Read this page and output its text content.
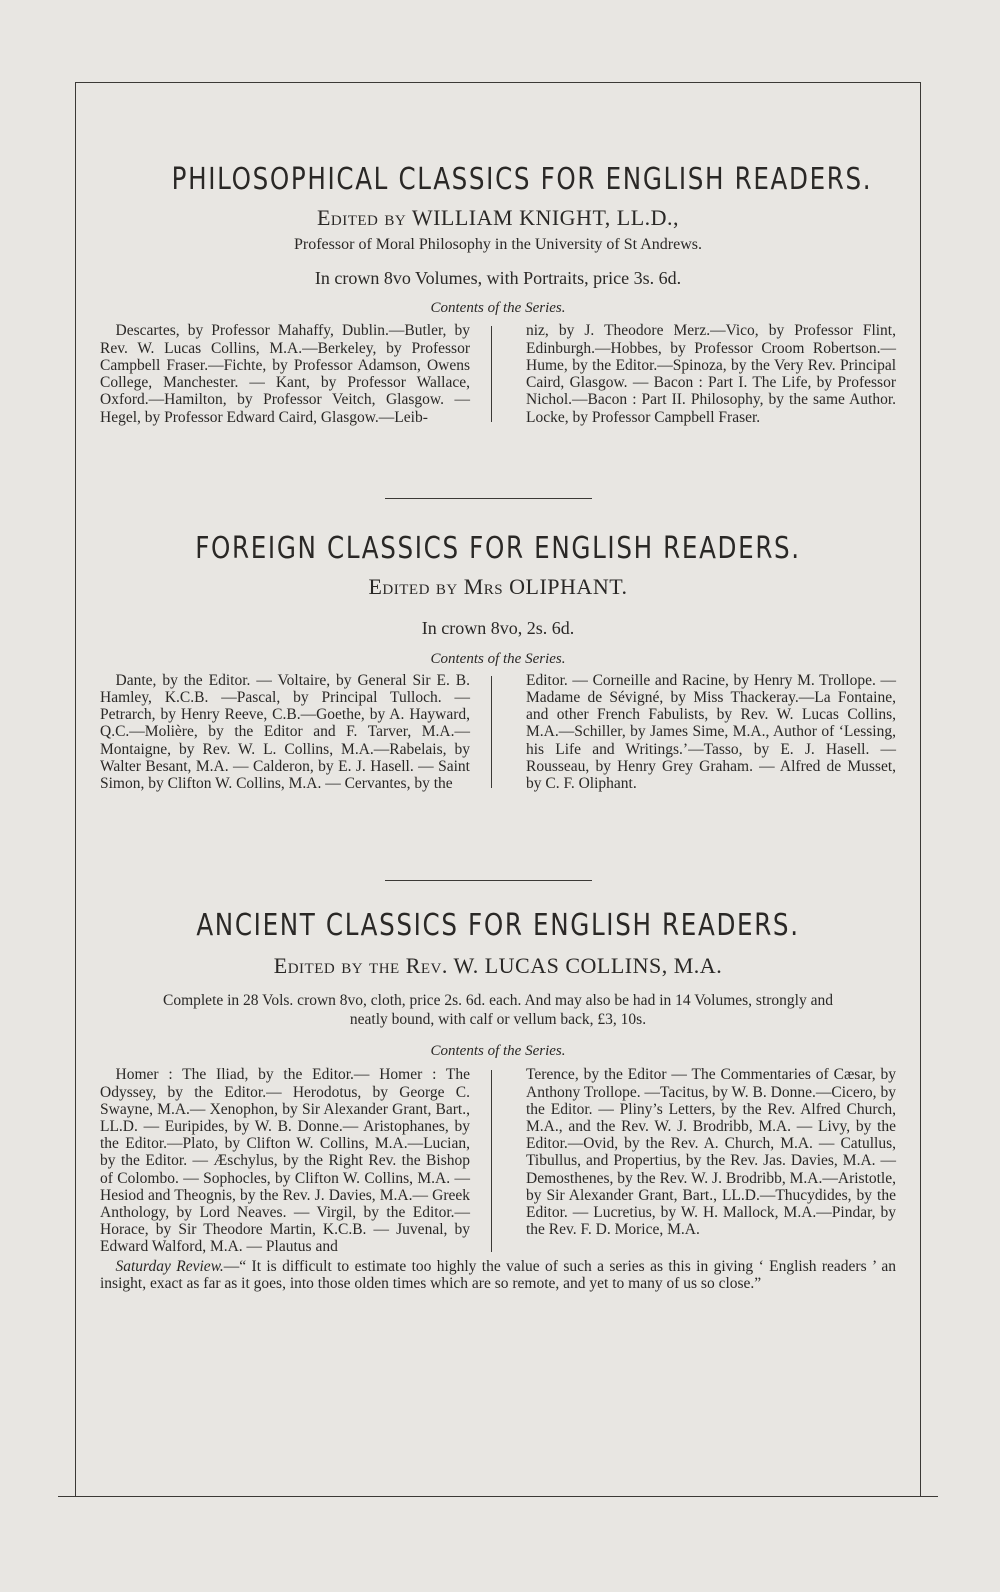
PHILOSOPHICAL CLASSICS FOR ENGLISH READERS.

Edited by WILLIAM KNIGHT, LL.D.,

Professor of Moral Philosophy in the University of St Andrews.

In crown 8vo Volumes, with Portraits, price 3s. 6d.

Contents of the Series.

Descartes, by Professor Mahaffy, Dublin.—Butler, by Rev. W. Lucas Collins, M.A.—Berkeley, by Professor Campbell Fraser.—Fichte, by Professor Adamson, Owens College, Manchester. — Kant, by Professor Wallace, Oxford.—Hamilton, by Professor Veitch, Glasgow. — Hegel, by Professor Edward Caird, Glasgow.—Leib-
niz, by J. Theodore Merz.—Vico, by Professor Flint, Edinburgh.—Hobbes, by Professor Croom Robertson.—Hume, by the Editor.—Spinoza, by the Very Rev. Principal Caird, Glasgow. — Bacon : Part I. The Life, by Professor Nichol.—Bacon : Part II. Philosophy, by the same Author. Locke, by Professor Campbell Fraser.
FOREIGN CLASSICS FOR ENGLISH READERS.

Edited by Mrs OLIPHANT.

In crown 8vo, 2s. 6d.

Contents of the Series.

Dante, by the Editor. — Voltaire, by General Sir E. B. Hamley, K.C.B. —Pascal, by Principal Tulloch. — Petrarch, by Henry Reeve, C.B.—Goethe, by A. Hayward, Q.C.—Molière, by the Editor and F. Tarver, M.A.—Montaigne, by Rev. W. L. Collins, M.A.—Rabelais, by Walter Besant, M.A. — Calderon, by E. J. Hasell. — Saint Simon, by Clifton W. Collins, M.A. — Cervantes, by the
Editor. — Corneille and Racine, by Henry M. Trollope. — Madame de Sévigné, by Miss Thackeray.—La Fontaine, and other French Fabulists, by Rev. W. Lucas Collins, M.A.—Schiller, by James Sime, M.A., Author of ‘Lessing, his Life and Writings.’—Tasso, by E. J. Hasell. — Rousseau, by Henry Grey Graham. — Alfred de Musset, by C. F. Oliphant.
ANCIENT CLASSICS FOR ENGLISH READERS.

Edited by the Rev. W. LUCAS COLLINS, M.A.

Complete in 28 Vols. crown 8vo, cloth, price 2s. 6d. each. And may also be had in 14 Volumes, strongly and neatly bound, with calf or vellum back, £3, 10s.

Contents of the Series.

Homer : The Iliad, by the Editor.— Homer : The Odyssey, by the Editor.— Herodotus, by George C. Swayne, M.A.— Xenophon, by Sir Alexander Grant, Bart., LL.D. — Euripides, by W. B. Donne.— Aristophanes, by the Editor.—Plato, by Clifton W. Collins, M.A.—Lucian, by the Editor. — Æschylus, by the Right Rev. the Bishop of Colombo. — Sophocles, by Clifton W. Collins, M.A. — Hesiod and Theognis, by the Rev. J. Davies, M.A.— Greek Anthology, by Lord Neaves. — Virgil, by the Editor.—Horace, by Sir Theodore Martin, K.C.B. — Juvenal, by Edward Walford, M.A. — Plautus and
Terence, by the Editor — The Commentaries of Cæsar, by Anthony Trollope. —Tacitus, by W. B. Donne.—Cicero, by the Editor. — Pliny’s Letters, by the Rev. Alfred Church, M.A., and the Rev. W. J. Brodribb, M.A. — Livy, by the Editor.—Ovid, by the Rev. A. Church, M.A. — Catullus, Tibullus, and Propertius, by the Rev. Jas. Davies, M.A. — Demosthenes, by the Rev. W. J. Brodribb, M.A.—Aristotle, by Sir Alexander Grant, Bart., LL.D.—Thucydides, by the Editor. — Lucretius, by W. H. Mallock, M.A.—Pindar, by the Rev. F. D. Morice, M.A.

Saturday Review.—“ It is difficult to estimate too highly the value of such a series as this in giving ‘ English readers ’ an insight, exact as far as it goes, into those olden times which are so remote, and yet to many of us so close.”
